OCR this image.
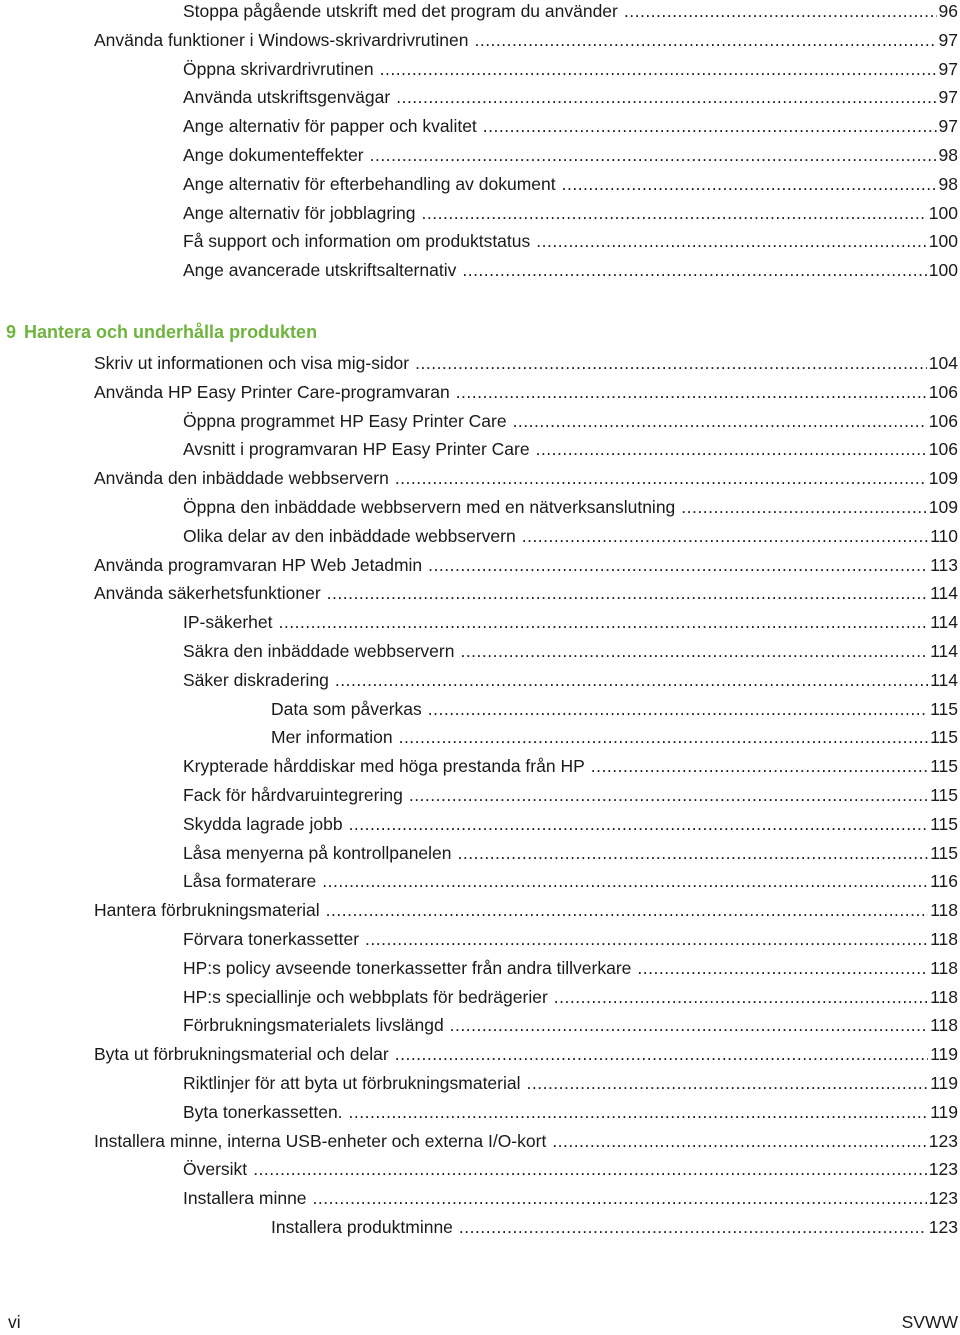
Stoppa pågående utskrift med det program du använder .....	96
Använda funktioner i Windows-skrivardrivrutinen .....	97
Öppna skrivardrivrutinen .....	97
Använda utskriftsgenvägar .....	97
Ange alternativ för papper och kvalitet .....	97
Ange dokumenteffekter .....	98
Ange alternativ för efterbehandling av dokument .....	98
Ange alternativ för jobblagring .....	100
Få support och information om produktstatus .....	100
Ange avancerade utskriftsalternativ .....	100
9 Hantera och underhålla produkten
Skriv ut informationen och visa mig-sidor .....	104
Använda HP Easy Printer Care-programvaran .....	106
Öppna programmet HP Easy Printer Care .....	106
Avsnitt i programvaran HP Easy Printer Care .....	106
Använda den inbäddade webbservern .....	109
Öppna den inbäddade webbservern med en nätverksanslutning .....	109
Olika delar av den inbäddade webbservern .....	110
Använda programvaran HP Web Jetadmin .....	113
Använda säkerhetsfunktioner .....	114
IP-säkerhet .....	114
Säkra den inbäddade webbservern .....	114
Säker diskradering .....	114
Data som påverkas .....	115
Mer information .....	115
Krypterade hårddiskar med höga prestanda från HP .....	115
Fack för hårdvaruintegrering .....	115
Skydda lagrade jobb .....	115
Låsa menyerna på kontrollpanelen .....	115
Låsa formaterare .....	116
Hantera förbrukningsmaterial .....	118
Förvara tonerkassetter .....	118
HP:s policy avseende tonerkassetter från andra tillverkare .....	118
HP:s speciallinje och webbplats för bedrägerier .....	118
Förbrukningsmaterialets livslängd .....	118
Byta ut förbrukningsmaterial och delar .....	119
Riktlinjer för att byta ut förbrukningsmaterial .....	119
Byta tonerkassetten. .....	119
Installera minne, interna USB-enheter och externa I/O-kort .....	123
Översikt .....	123
Installera minne .....	123
Installera produktminne .....	123
vi	SVWW
